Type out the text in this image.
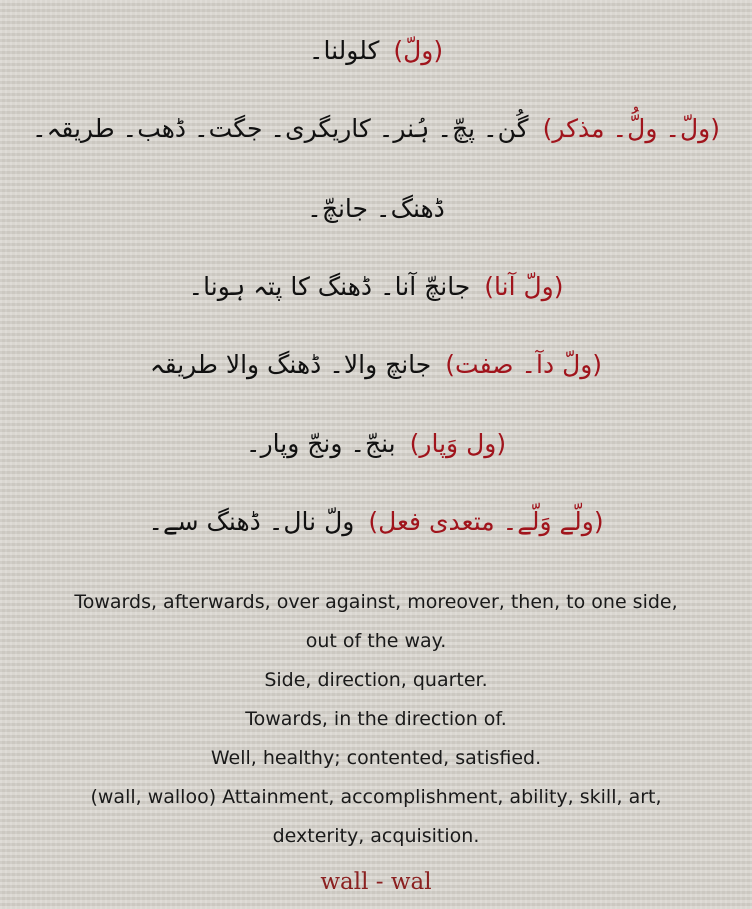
(ولّ)کلولنا۔
(ولّ۔ ولُّ۔ مذکر)گُن۔ پچّ۔ ہُنر۔ کاریگری۔ جگت۔ ڈھب۔ طریقہ۔
ڈھنگ۔ جانچّ۔
(ولّ آنا)جانچّ آنا۔ ڈھنگ کا پتہ ہونا۔
(ولّ دآ۔ صفت)جانچ والا۔ ڈھنگ والا طریقہ
(ول وَپار)بنجّ۔ ونجّ وپار۔
(ولّے وَلّے۔ متعدی فعل)ولّ نال۔ ڈھنگ سے۔
Towards, afterwards, over against, moreover, then, to one side,
out of the way.
Side, direction, quarter.
Towards, in the direction of.
Well, healthy; contented, satisfied.
(wall, walloo) Attainment, accomplishment, ability, skill, art,
dexterity, acquisition.
wall - wal
